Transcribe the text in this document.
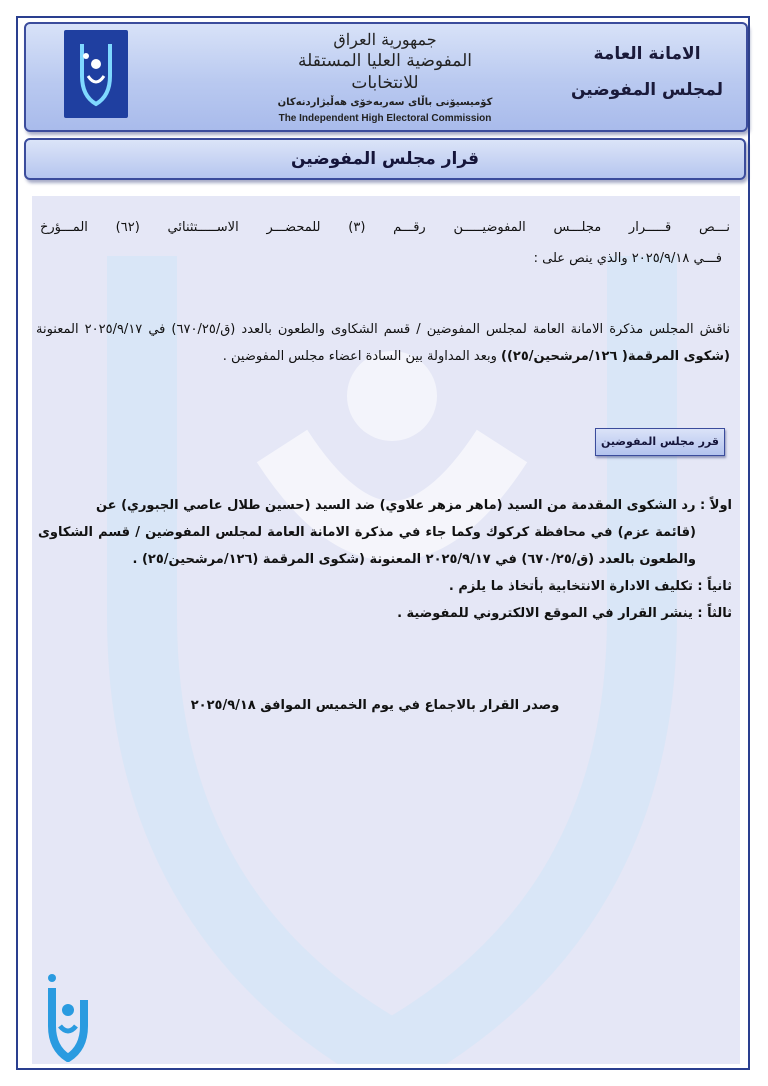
جمهورية العراق
المفوضية العليا المستقلة للانتخابات
كۆمیسیۆنی باڵای سەربەخۆی هەڵبژاردنەکان
The Independent High Electoral Commission
الامانة العامة
لمجلس المفوضين
قرار مجلس المفوضين
نـــص قـــــرار مجلـــس المفوضيـــــن رقـــم (٣) للمحضـــر الاســـــتثنائي (٦٢) المـــؤرخ
فـــي ٢٠٢٥/٩/١٨ والذي ينص على :
ناقش المجلس مذكرة الامانة العامة لمجلس المفوضين / قسم الشكاوى والطعون بالعدد (ق/٦٧٠/٢٥) في ٢٠٢٥/٩/١٧ المعنونة (شكوى المرقمة( ١٢٦/مرشحين/٢٥)) وبعد المداولة بين السادة اعضاء مجلس المفوضين .
قرر مجلس المفوضين
اولاً : رد الشكوى المقدمة من السيد (ماهر مزهر علاوي) ضد السيد (حسين طلال عاصي الجبوري) عن
(قائمة عزم) في محافظة كركوك وكما جاء في مذكرة الامانة العامة لمجلس المفوضين / قسم الشكاوى والطعون بالعدد (ق/٦٧٠/٢٥) في ٢٠٢٥/٩/١٧ المعنونة (شكوى المرقمة (١٢٦/مرشحين/٢٥) .
ثانياً : تكليف الادارة الانتخابية بأتخاذ ما يلزم .
ثالثاً : ينشر القرار في الموقع الالكتروني للمفوضية .
وصدر القرار بالاجماع في يوم الخميس الموافق ٢٠٢٥/٩/١٨
